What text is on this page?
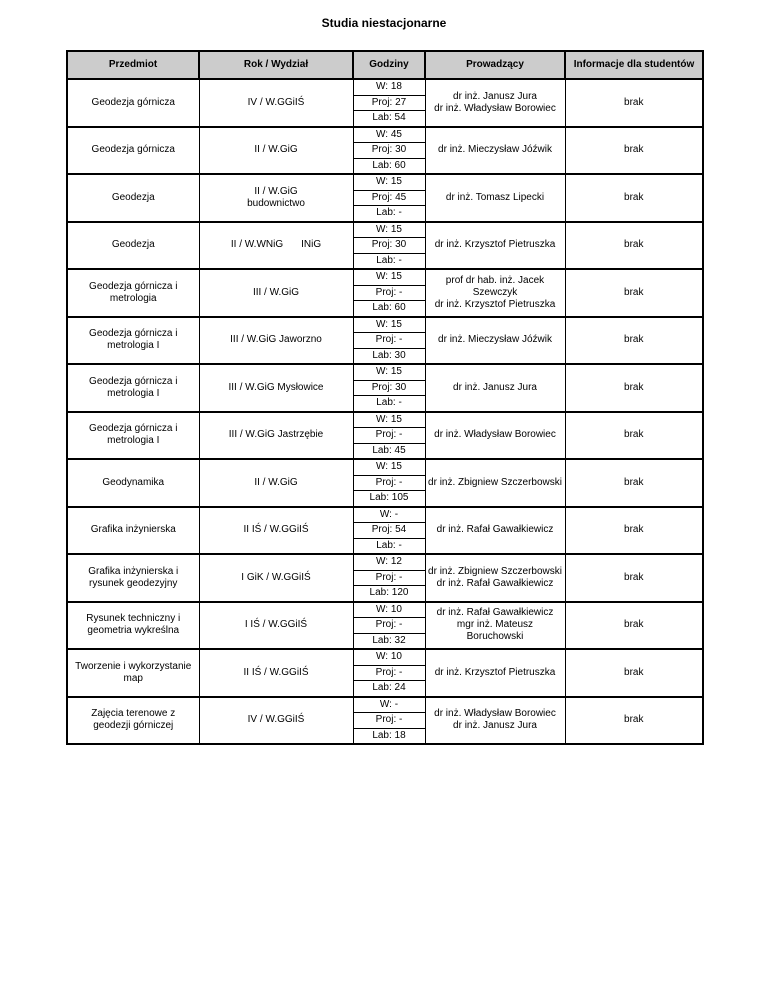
Studia niestacjonarne
Przedmiot	Rok / Wydział	Godziny	Prowadzący	Informacje dla studentów
Geodezja górnicza	IV / W.GGiIŚ	W: 18	dr inż. Janusz Jura
dr inż. Władysław Borowiec	brak
		Proj: 27		
		Lab: 54		
Geodezja górnicza	II / W.GiG	W: 45	dr inż. Mieczysław Jóźwik	brak
		Proj: 30		
		Lab: 60		
Geodezja	II / W.GiG
budownictwo	W: 15	dr inż. Tomasz Lipecki	brak
		Proj: 45		
		Lab: -		
Geodezja	II / W.WNiG INiG	W: 15	dr inż. Krzysztof Pietruszka	brak
		Proj: 30		
		Lab: -		
Geodezja górnicza i
metrologia	III / W.GiG	W: 15	prof dr hab. inż. Jacek
Szewczyk
dr inż. Krzysztof Pietruszka	brak
		Proj: -		
		Lab: 60		
Geodezja górnicza i
metrologia I	III / W.GiG Jaworzno	W: 15	dr inż. Mieczysław Jóźwik	brak
		Proj: -		
		Lab: 30		
Geodezja górnicza i
metrologia I	III / W.GiG Mysłowice	W: 15	dr inż. Janusz Jura	brak
		Proj: 30		
		Lab: -		
Geodezja górnicza i
metrologia I	III / W.GiG Jastrzębie	W: 15	dr inż. Władysław Borowiec	brak
		Proj: -		
		Lab: 45		
Geodynamika	II / W.GiG	W: 15	dr inż. Zbigniew Szczerbowski	brak
		Proj: -		
		Lab: 105		
Grafika inżynierska	II IŚ / W.GGiIŚ	W: -	dr inż. Rafał Gawałkiewicz	brak
		Proj: 54		
		Lab: -		
Grafika inżynierska i
rysunek geodezyjny	I GiK / W.GGiIŚ	W: 12	dr inż. Zbigniew Szczerbowski
dr inż. Rafał Gawałkiewicz	brak
		Proj: -		
		Lab: 120		
Rysunek techniczny i
geometria wykreślna	I IŚ / W.GGiIŚ	W: 10	dr inż. Rafał Gawałkiewicz
mgr inż. Mateusz
Boruchowski	brak
		Proj: -		
		Lab: 32		
Tworzenie i wykorzystanie
map	II IŚ / W.GGiIŚ	W: 10	dr inż. Krzysztof Pietruszka	brak
		Proj: -		
		Lab: 24		
Zajęcia terenowe z
geodezji górniczej	IV / W.GGiIŚ	W: -	dr inż. Władysław Borowiec
dr inż. Janusz Jura	brak
		Proj: -		
		Lab: 18		
